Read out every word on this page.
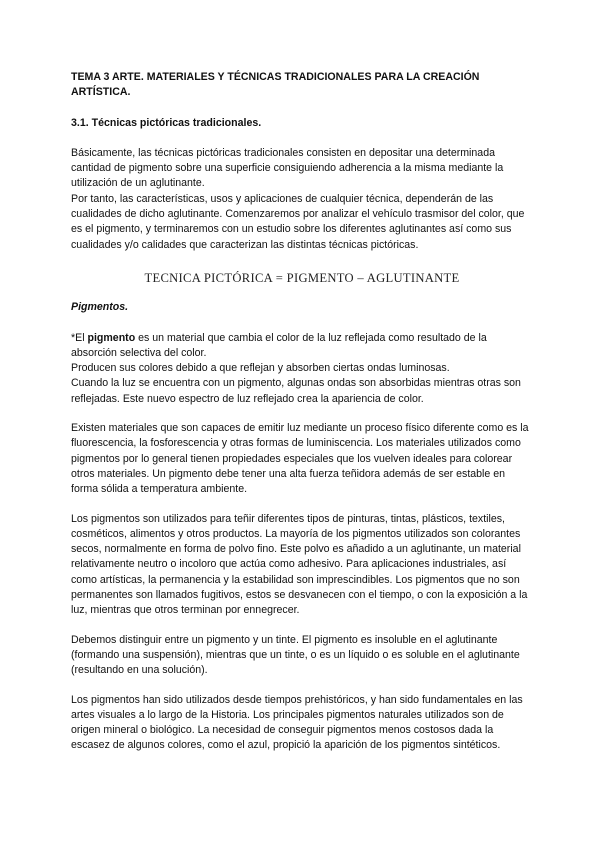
TEMA 3 ARTE. MATERIALES Y TÉCNICAS TRADICIONALES PARA LA CREACIÓN ARTÍSTICA.

3.1. Técnicas pictóricas tradicionales.

Básicamente, las técnicas pictóricas tradicionales consisten en depositar una determinada cantidad de pigmento sobre una superficie consiguiendo adherencia a la misma mediante la utilización de un aglutinante.

Por tanto, las características, usos y aplicaciones de cualquier técnica, dependerán de las cualidades de dicho aglutinante. Comenzaremos por analizar el vehículo trasmisor del color, que es el pigmento, y terminaremos con un estudio sobre los diferentes aglutinantes así como sus cualidades y/o calidades que caracterizan las distintas técnicas pictóricas.

TECNICA PICTÓRICA = PIGMENTO – AGLUTINANTE

Pigmentos.

*El pigmento es un material que cambia el color de la luz reflejada como resultado de la absorción selectiva del color.

Producen sus colores debido a que reflejan y absorben ciertas ondas luminosas.

Cuando la luz se encuentra con un pigmento, algunas ondas son absorbidas mientras otras son reflejadas. Este nuevo espectro de luz reflejado crea la apariencia de color.

Existen materiales que son capaces de emitir luz mediante un proceso físico diferente como es la fluorescencia, la fosforescencia y otras formas de luminiscencia. Los materiales utilizados como pigmentos por lo general tienen propiedades especiales que los vuelven ideales para colorear otros materiales. Un pigmento debe tener una alta fuerza teñidora además de ser estable en forma sólida a temperatura ambiente.

Los pigmentos son utilizados para teñir diferentes tipos de pinturas, tintas, plásticos, textiles, cosméticos, alimentos y otros productos. La mayoría de los pigmentos utilizados son colorantes secos, normalmente en forma de polvo fino. Este polvo es añadido a un aglutinante, un material relativamente neutro o incoloro que actúa como adhesivo. Para aplicaciones industriales, así como artísticas, la permanencia y la estabilidad son imprescindibles. Los pigmentos que no son permanentes son llamados fugitivos, estos se desvanecen con el tiempo, o con la exposición a la luz, mientras que otros terminan por ennegrecer.

Debemos distinguir entre un pigmento y un tinte. El pigmento es insoluble en el aglutinante (formando una suspensión), mientras que un tinte, o es un líquido o es soluble en el aglutinante (resultando en una solución).

Los pigmentos han sido utilizados desde tiempos prehistóricos, y han sido fundamentales en las artes visuales a lo largo de la Historia. Los principales pigmentos naturales utilizados son de origen mineral o biológico. La necesidad de conseguir pigmentos menos costosos dada la escasez de algunos colores, como el azul, propició la aparición de los pigmentos sintéticos.
